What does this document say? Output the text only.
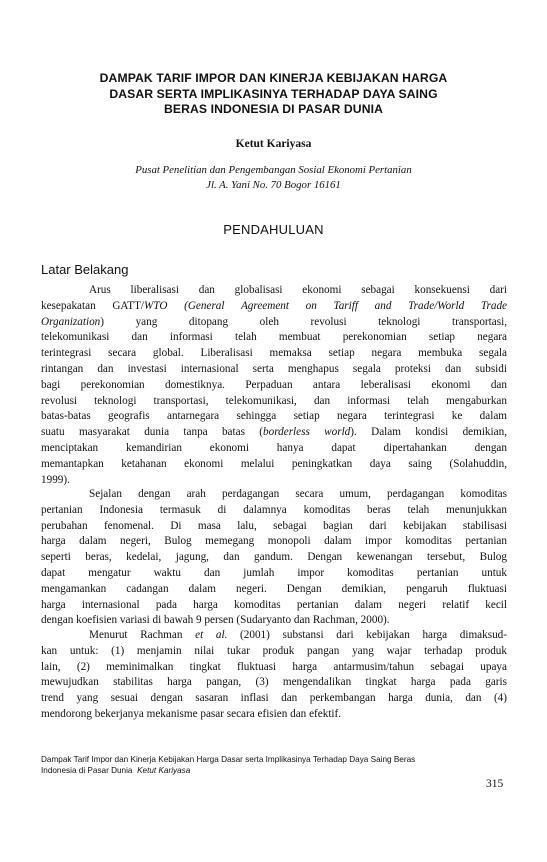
DAMPAK TARIF IMPOR DAN KINERJA KEBIJAKAN HARGA
DASAR SERTA IMPLIKASINYA TERHADAP DAYA SAING
BERAS INDONESIA DI PASAR DUNIA
Ketut Kariyasa
Pusat Penelitian dan Pengembangan Sosial Ekonomi Pertanian
Jl. A. Yani No. 70 Bogor 16161
PENDAHULUAN
Latar Belakang
Arus liberalisasi dan globalisasi ekonomi sebagai konsekuensi dari
kesepakatan GATT/WTO (General Agreement on Tariff and Trade/World Trade
Organization) yang ditopang oleh revolusi teknologi transportasi,
telekomunikasi dan informasi telah membuat perekonomian setiap negara
terintegrasi secara global. Liberalisasi memaksa setiap negara membuka segala
rintangan dan investasi internasional serta menghapus segala proteksi dan subsidi
bagi perekonomian domestiknya. Perpaduan antara leberalisasi ekonomi dan
revolusi teknologi transportasi, telekomunikasi, dan informasi telah mengaburkan
batas-batas geografis antarnegara sehingga setiap negara terintegrasi ke dalam
suatu masyarakat dunia tanpa batas (borderless world). Dalam kondisi demikian,
menciptakan kemandirian ekonomi hanya dapat dipertahankan dengan
memantapkan ketahanan ekonomi melalui peningkatkan daya saing (Solahuddin,
1999).
Sejalan dengan arah perdagangan secara umum, perdagangan komoditas
pertanian Indonesia termasuk di dalamnya komoditas beras telah menunjukkan
perubahan fenomenal. Di masa lalu, sebagai bagian dari kebijakan stabilisasi
harga dalam negeri, Bulog memegang monopoli dalam impor komoditas pertanian
seperti beras, kedelai, jagung, dan gandum. Dengan kewenangan tersebut, Bulog
dapat mengatur waktu dan jumlah impor komoditas pertanian untuk
mengamankan cadangan dalam negeri. Dengan demikian, pengaruh fluktuasi
harga internasional pada harga komoditas pertanian dalam negeri relatif kecil
dengan koefisien variasi di bawah 9 persen (Sudaryanto dan Rachman, 2000).
Menurut Rachman et al. (2001) substansi dari kebijakan harga dimaksud-
kan untuk: (1) menjamin nilai tukar produk pangan yang wajar terhadap produk
lain, (2) meminimalkan tingkat fluktuasi harga antarmusim/tahun sebagai upaya
mewujudkan stabilitas harga pangan, (3) mengendalikan tingkat harga pada garis
trend yang sesuai dengan sasaran inflasi dan perkembangan harga dunia, dan (4)
mendorong bekerjanya mekanisme pasar secara efisien dan efektif.
Dampak Tarif Impor dan Kinerja Kebijakan Harga Dasar serta Implikasinya Terhadap Daya Saing Beras
Indonesia di Pasar Dunia Ketut Kariyasa
315
